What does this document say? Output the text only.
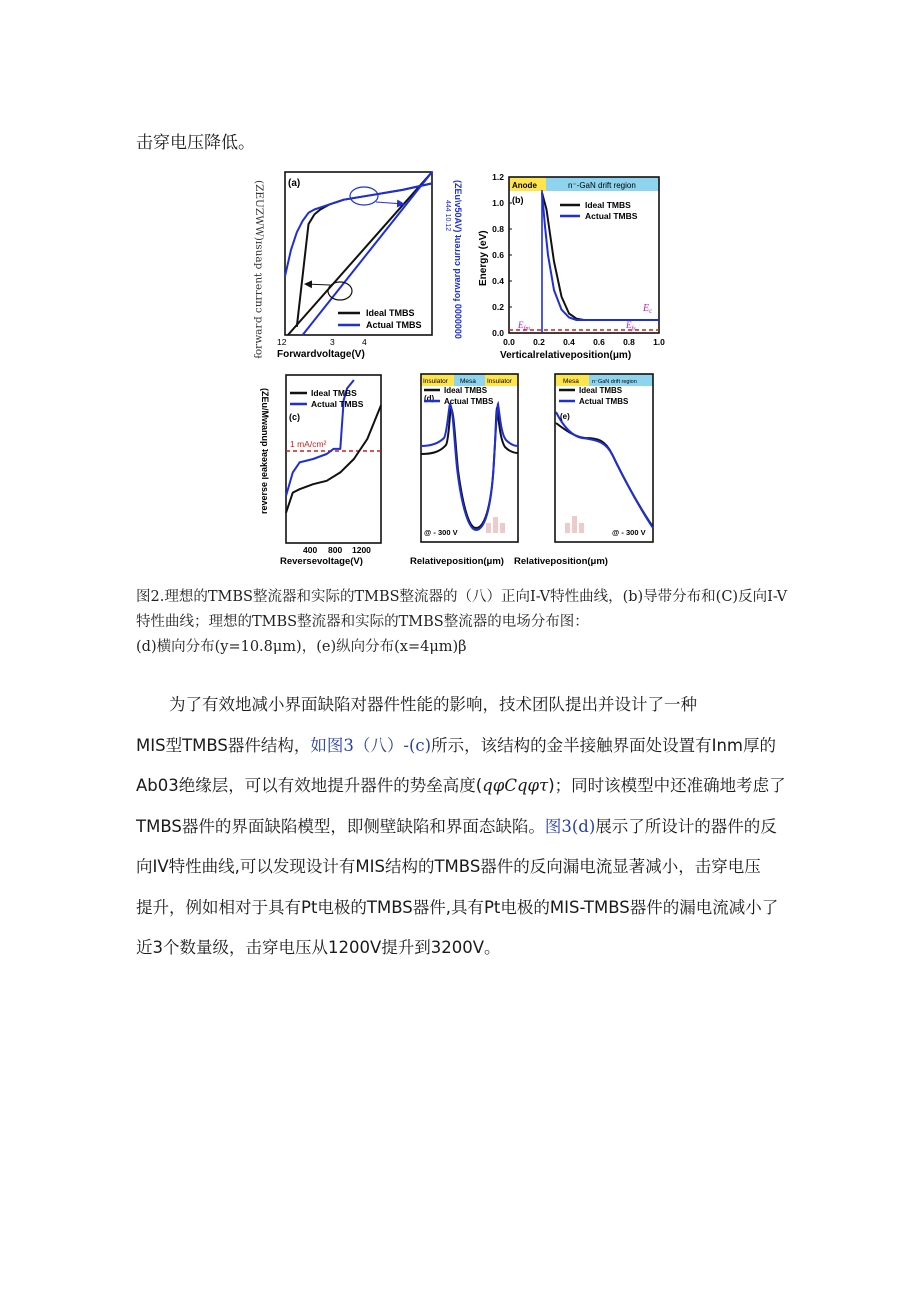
击穿电压降低。
(a)
Ideal TMBS
Actual TMBS
12	3	4
Forwardvoltage(V)
(ZEUZWW)ɪsuap ʇuǝɹɹnɔ pɹɐʍɹoɟ	(ZEu\v50AV) ʇuǝɹɹnɔ pɹɐʍɹoɟ 0000000
444 10.12
Anode	n⁻-GaN drift region
(b)
0.0
0.2
0.4
0.6
0.8
1.0
1.2
0.0 0.2 0.4 0.6 0.8 1.0
Ideal TMBS
Actual TMBS
$E_c$
$E_{fm}$	$E_{fs}$
Energy (eV)
Verticalrelativeposition(μm)
1 mA/cm²
(c)
Ideal TMBS
Actual TMBS
400 800 1200
(ZEu/Mwanup ʇɐǝʞɐǝl ǝsɹǝʌǝɹ
Reversevoltage(V)
Insulator Mesa Insulator
(d)
Ideal TMBS
Actual TMBS
@ - 300 V
Relativeposition(μm)
Mesa n⁻GaN drift region
(e)
Ideal TMBS
Actual TMBS
@ - 300 V
Relativeposition(μm)
图2.理想的TMBS整流器和实际的TMBS整流器的（八）正向I-V特性曲线，(b)导带分布和(C)反向I-V
特性曲线；理想的TMBS整流器和实际的TMBS整流器的电场分布图：
(d)横向分布(y=10.8μm)，(e)纵向分布(x=4μm)β
为了有效地减小界面缺陷对器件性能的影响，技术团队提出并设计了一种
MIS型TMBS器件结构，如图3（八）-(c)所示，该结构的金半接触界面处设置有Inm厚的
Ab03绝缘层，可以有效地提升器件的势垒高度(qφCqφτ)；同时该模型中还准确地考虑了
TMBS器件的界面缺陷模型，即侧壁缺陷和界面态缺陷。图3(d)展示了所设计的器件的反
向IV特性曲线,可以发现设计有MIS结构的TMBS器件的反向漏电流显著减小，击穿电压
提升，例如相对于具有Pt电极的TMBS器件,具有Pt电极的MIS-TMBS器件的漏电流减小了
近3个数量级，击穿电压从1200V提升到3200V。
